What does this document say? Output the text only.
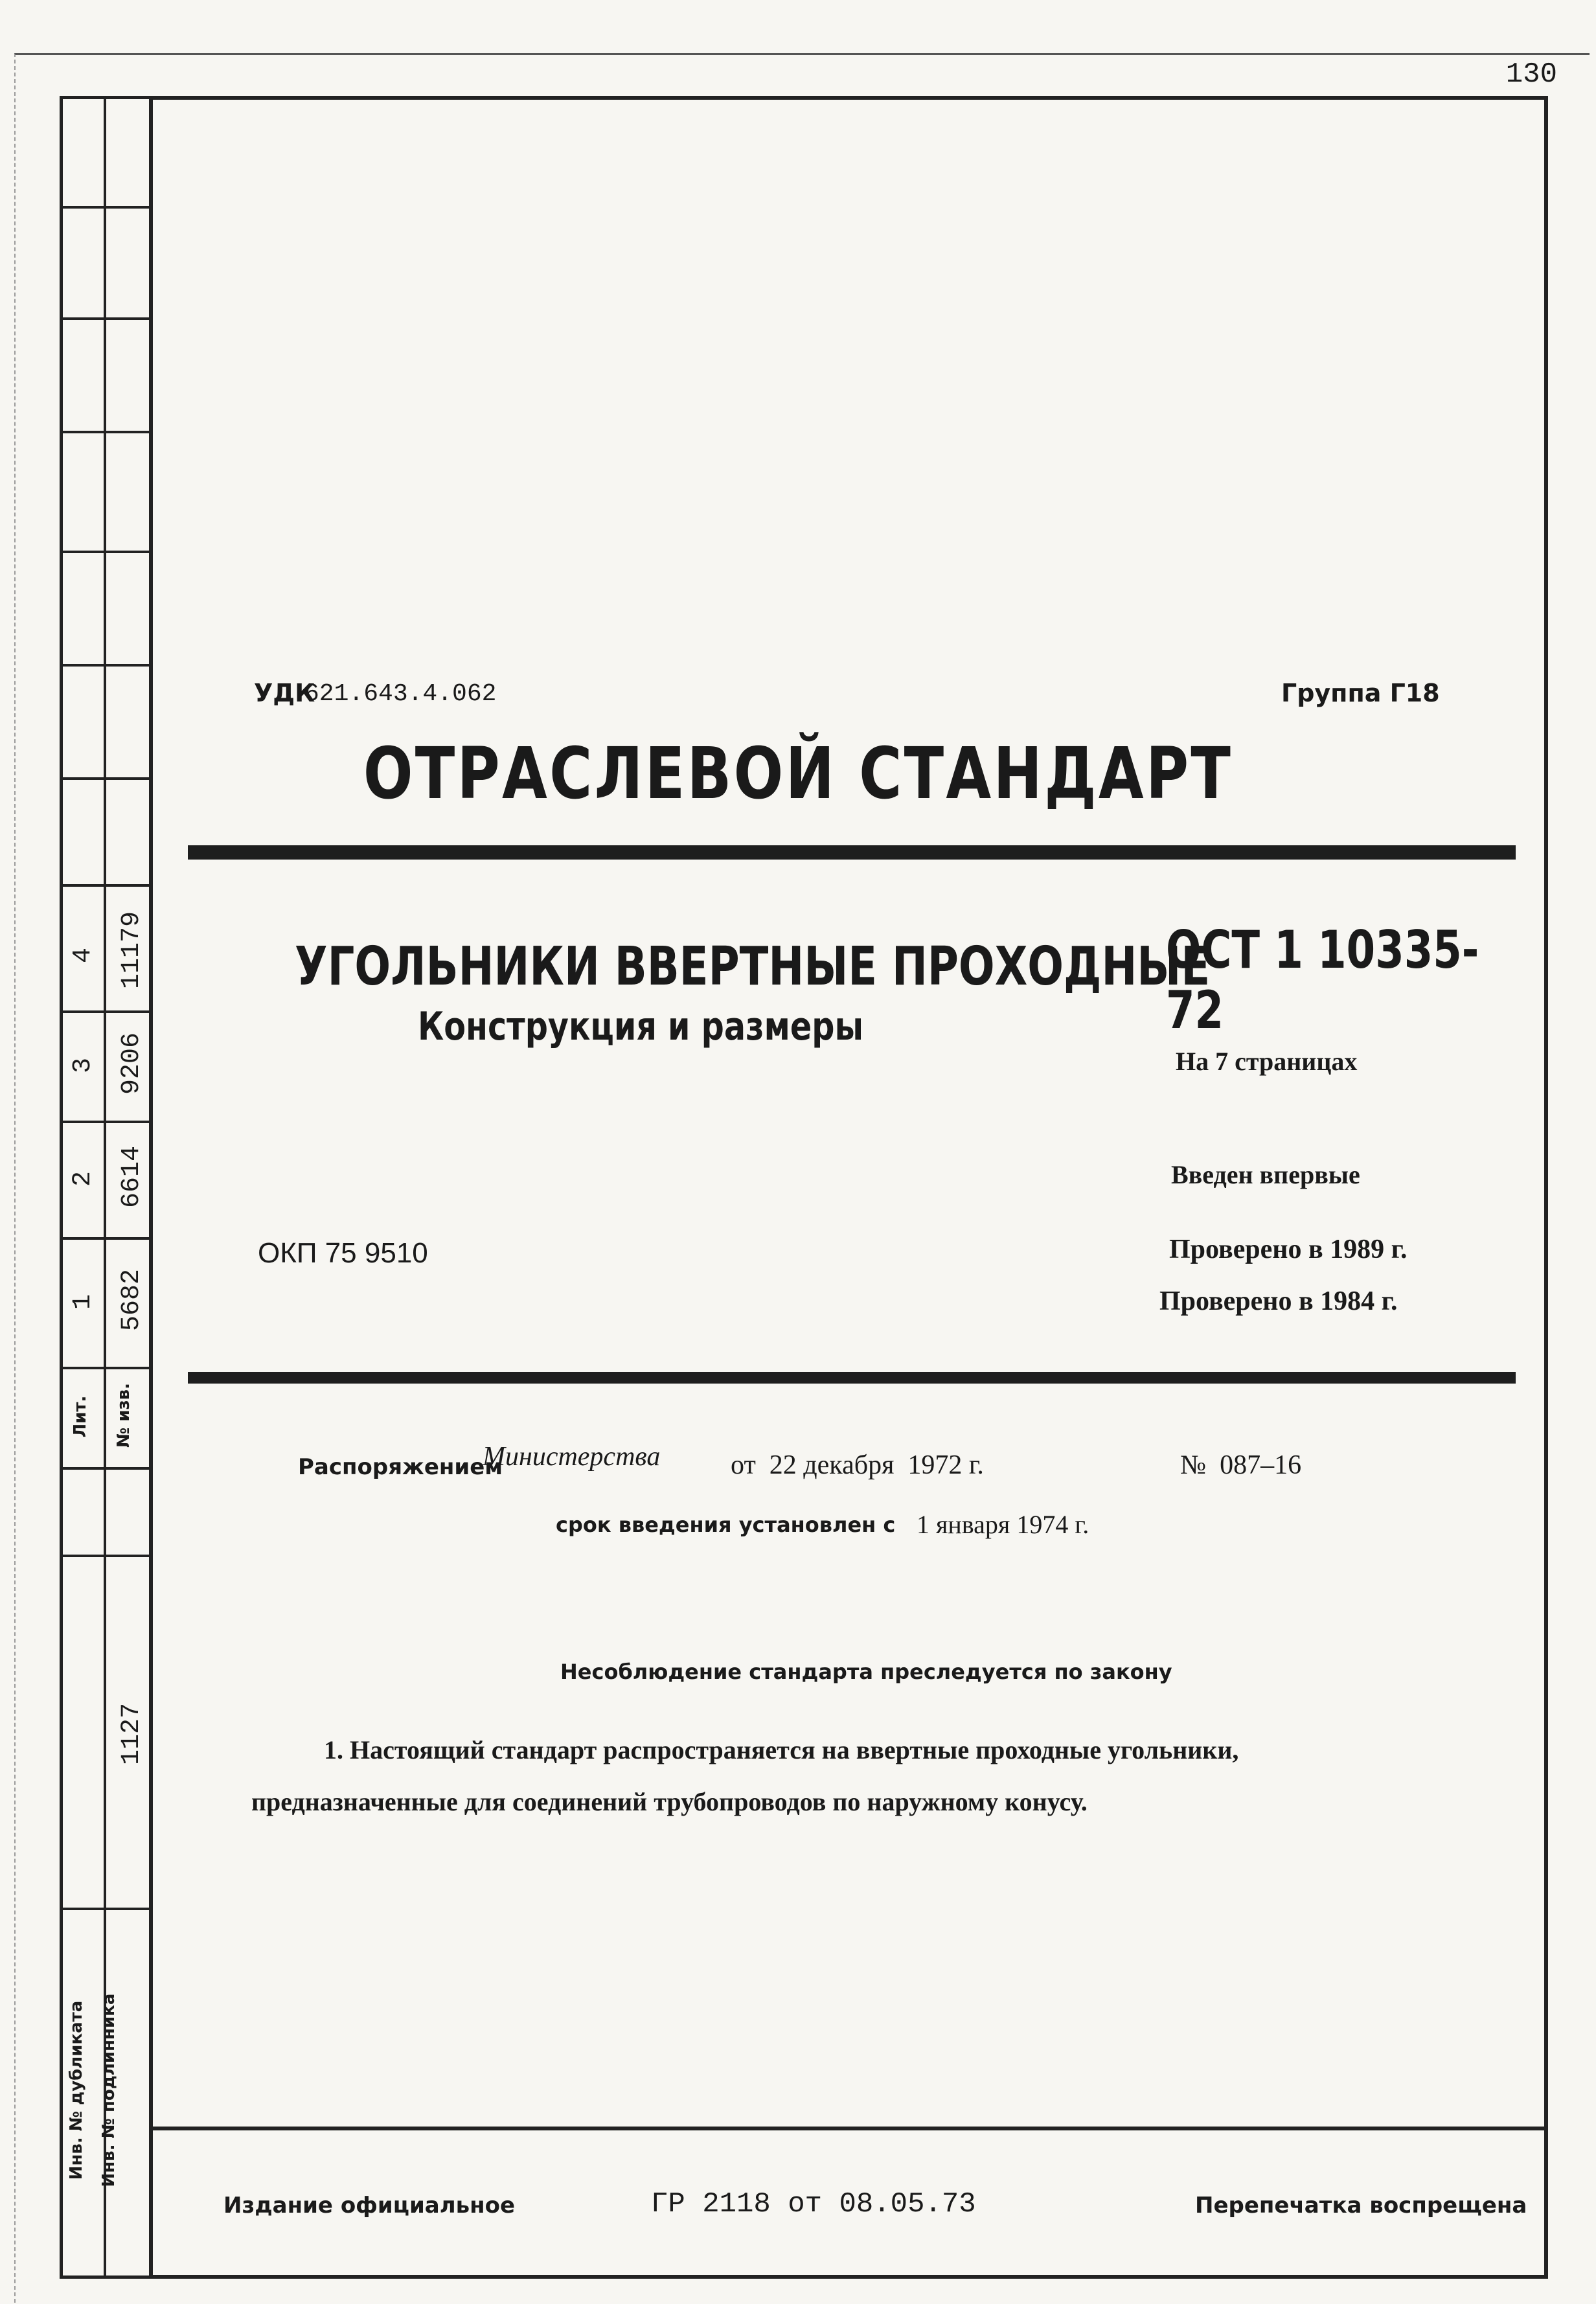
130
4 11179
3 9206
2 6614
1 5682
Лит. № изв.
1127
Инв. № дубликата Инв. № подлинника
УДК
621.643.4.062	Группа Г18
ОТРАСЛЕВОЙ СТАНДАРТ
УГОЛЬНИКИ ВВЕРТНЫЕ ПРОХОДНЫЕ
Конструкция и размеры
ОСТ 1 10335-72
На 7 страницах
Введен впервые
Проверено в 1989 г.
Проверено в 1984 г.
ОКП 75 9510
Распоряжением
Министерства	от  22 декабря  1972 г.	№  087–16
срок введения установлен с 1 января 1974 г.
Несоблюдение стандарта преследуется по закону
1. Настоящий стандарт распространяется на ввертные проходные угольники,
предназначенные для соединений трубопроводов по наружному конусу.
Издание официальное	ГР 2118 от 08.05.73	Перепечатка воспрещена
